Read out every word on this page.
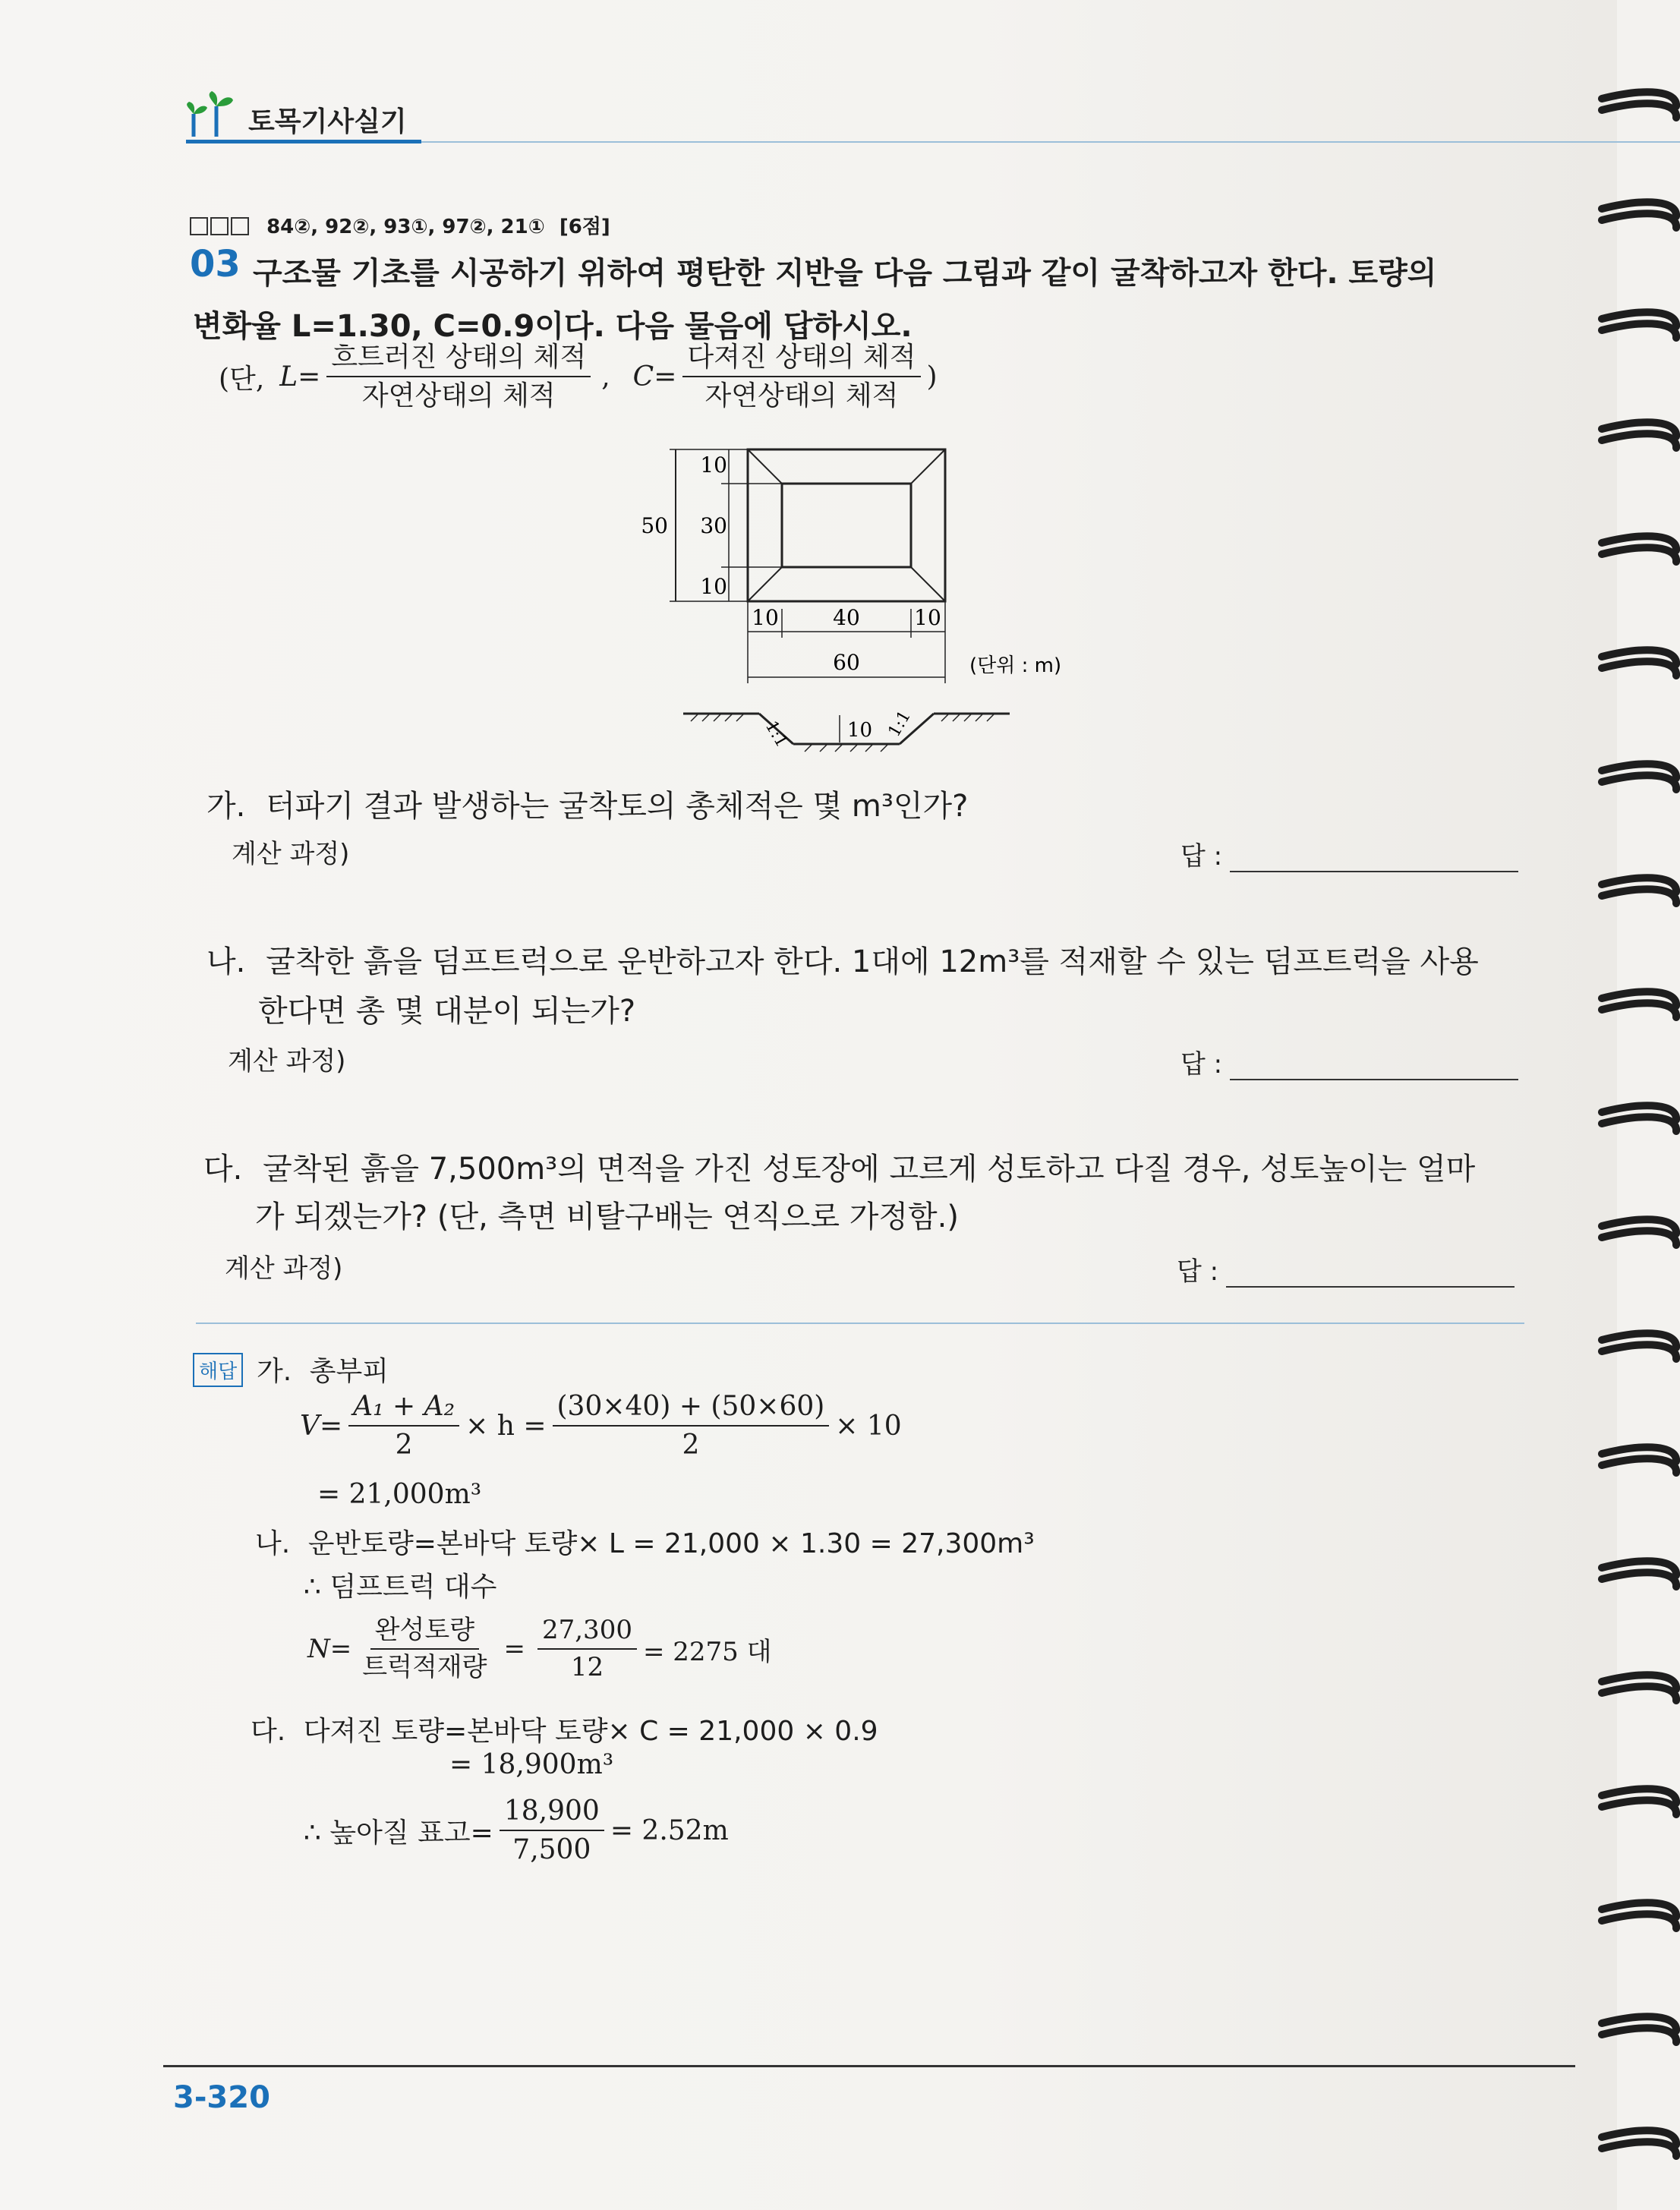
토목기사실기
84②, 92②, 93①, 97②, 21① [6점]
03 구조물 기초를 시공하기 위하여 평탄한 지반을 다음 그림과 같이 굴착하고자 한다. 토량의
변화율 L=1.30, C=0.9이다. 다음 물음에 답하시오.
(단, $L= \frac{\text{흐트러진 상태의 체적}}{\text{자연상태의 체적}}$ , $C= \frac{\text{다져진 상태의 체적}}{\text{자연상태의 체적}}$ )
10
30
10
50
10	40	10
60	(단위 : m)
10
1:1	1:1
가. 터파기 결과 발생하는 굴착토의 총체적은 몇 m³인가?
계산 과정)	답 :
나. 굴착한 흙을 덤프트럭으로 운반하고자 한다. 1대에 12m³를 적재할 수 있는 덤프트럭을 사용
한다면 총 몇 대분이 되는가?
계산 과정)	답 :
다. 굴착된 흙을 7,500m³의 면적을 가진 성토장에 고르게 성토하고 다질 경우, 성토높이는 얼마
가 되겠는가? (단, 측면 비탈구배는 연직으로 가정함.)
계산 과정)	답 :
해답 가. 총부피
$V= \frac{\text{A₁ + A₂}}{2} \times h = \frac{(30\times 40) + (50\times 60)}{2} \times 10$
= 21,000m³
나. 운반토량=본바닥 토량× L = 21,000 × 1.30 = 27,300m³
∴ 덤프트럭 대수
$N= \frac{\text{완성토량}}{\text{트럭적재량}} = \frac{27,300}{12} = 2275$ 대
다. 다져진 토량=본바닥 토량× C = 21,000 × 0.9
= 18,900m³
∴ 높아질 표고= $\frac{18,900}{7,500} = 2.52m$
3-320
